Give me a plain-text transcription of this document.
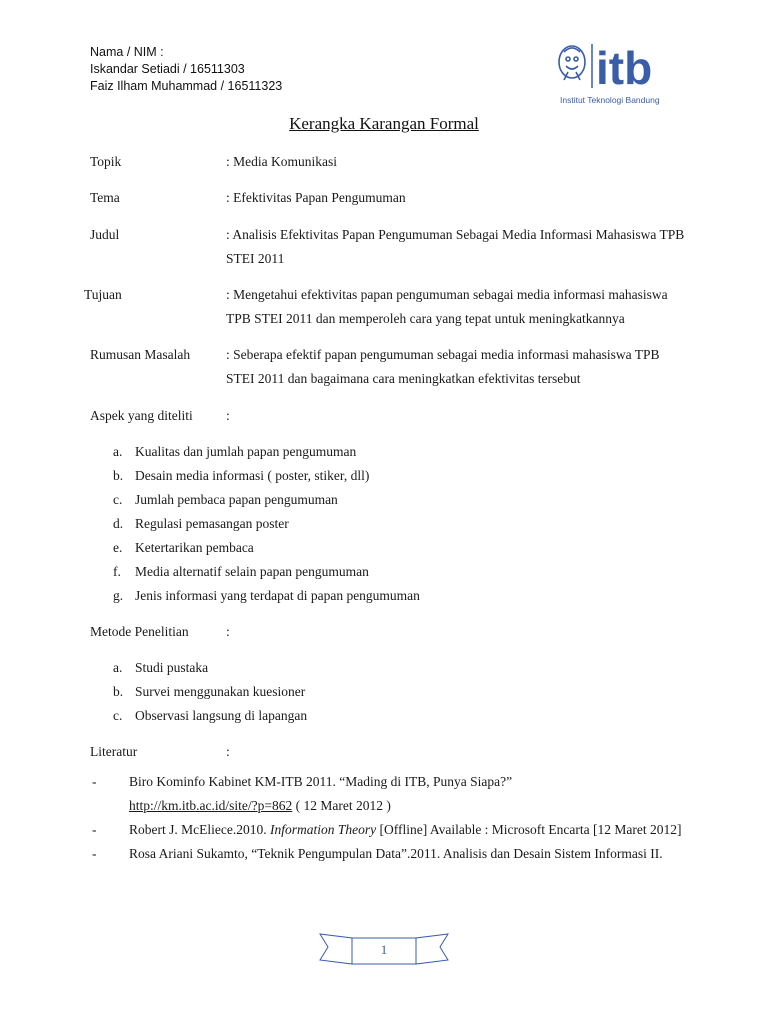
Nama / NIM :
Iskandar Setiadi / 16511303
Faiz Ilham Muhammad / 16511323	itb
Institut Teknologi Bandung
Kerangka Karangan Formal
Topik	: Media Komunikasi
Tema	: Efektivitas Papan Pengumuman
Judul	: Analisis Efektivitas Papan Pengumuman Sebagai Media Informasi Mahasiswa TPB STEI 2011
Tujuan	: Mengetahui efektivitas papan pengumuman sebagai media informasi mahasiswa TPB STEI 2011 dan memperoleh cara yang tepat untuk meningkatkannya
Rumusan Masalah	: Seberapa efektif papan pengumuman sebagai media informasi mahasiswa TPB STEI 2011 dan bagaimana cara meningkatkan efektivitas tersebut
Aspek yang diteliti :
a. Kualitas dan jumlah papan pengumuman
b. Desain media informasi ( poster, stiker, dll)
c. Jumlah pembaca papan pengumuman
d. Regulasi pemasangan poster
e. Ketertarikan pembaca
f. Media alternatif selain papan pengumuman
g. Jenis informasi yang terdapat di papan pengumuman
Metode Penelitian	:
a. Studi pustaka
b. Survei menggunakan kuesioner
c. Observasi langsung di lapangan
Literatur	:
- Biro Kominfo Kabinet KM-ITB 2011. “Mading di ITB, Punya Siapa?”
http://km.itb.ac.id/site/?p=862 ( 12 Maret 2012 )
- Robert J. McEliece.2010. Information Theory [Offline] Available : Microsoft Encarta [12 Maret 2012]
- Rosa Ariani Sukamto, “Teknik Pengumpulan Data”.2011. Analisis dan Desain Sistem Informasi II.
1
